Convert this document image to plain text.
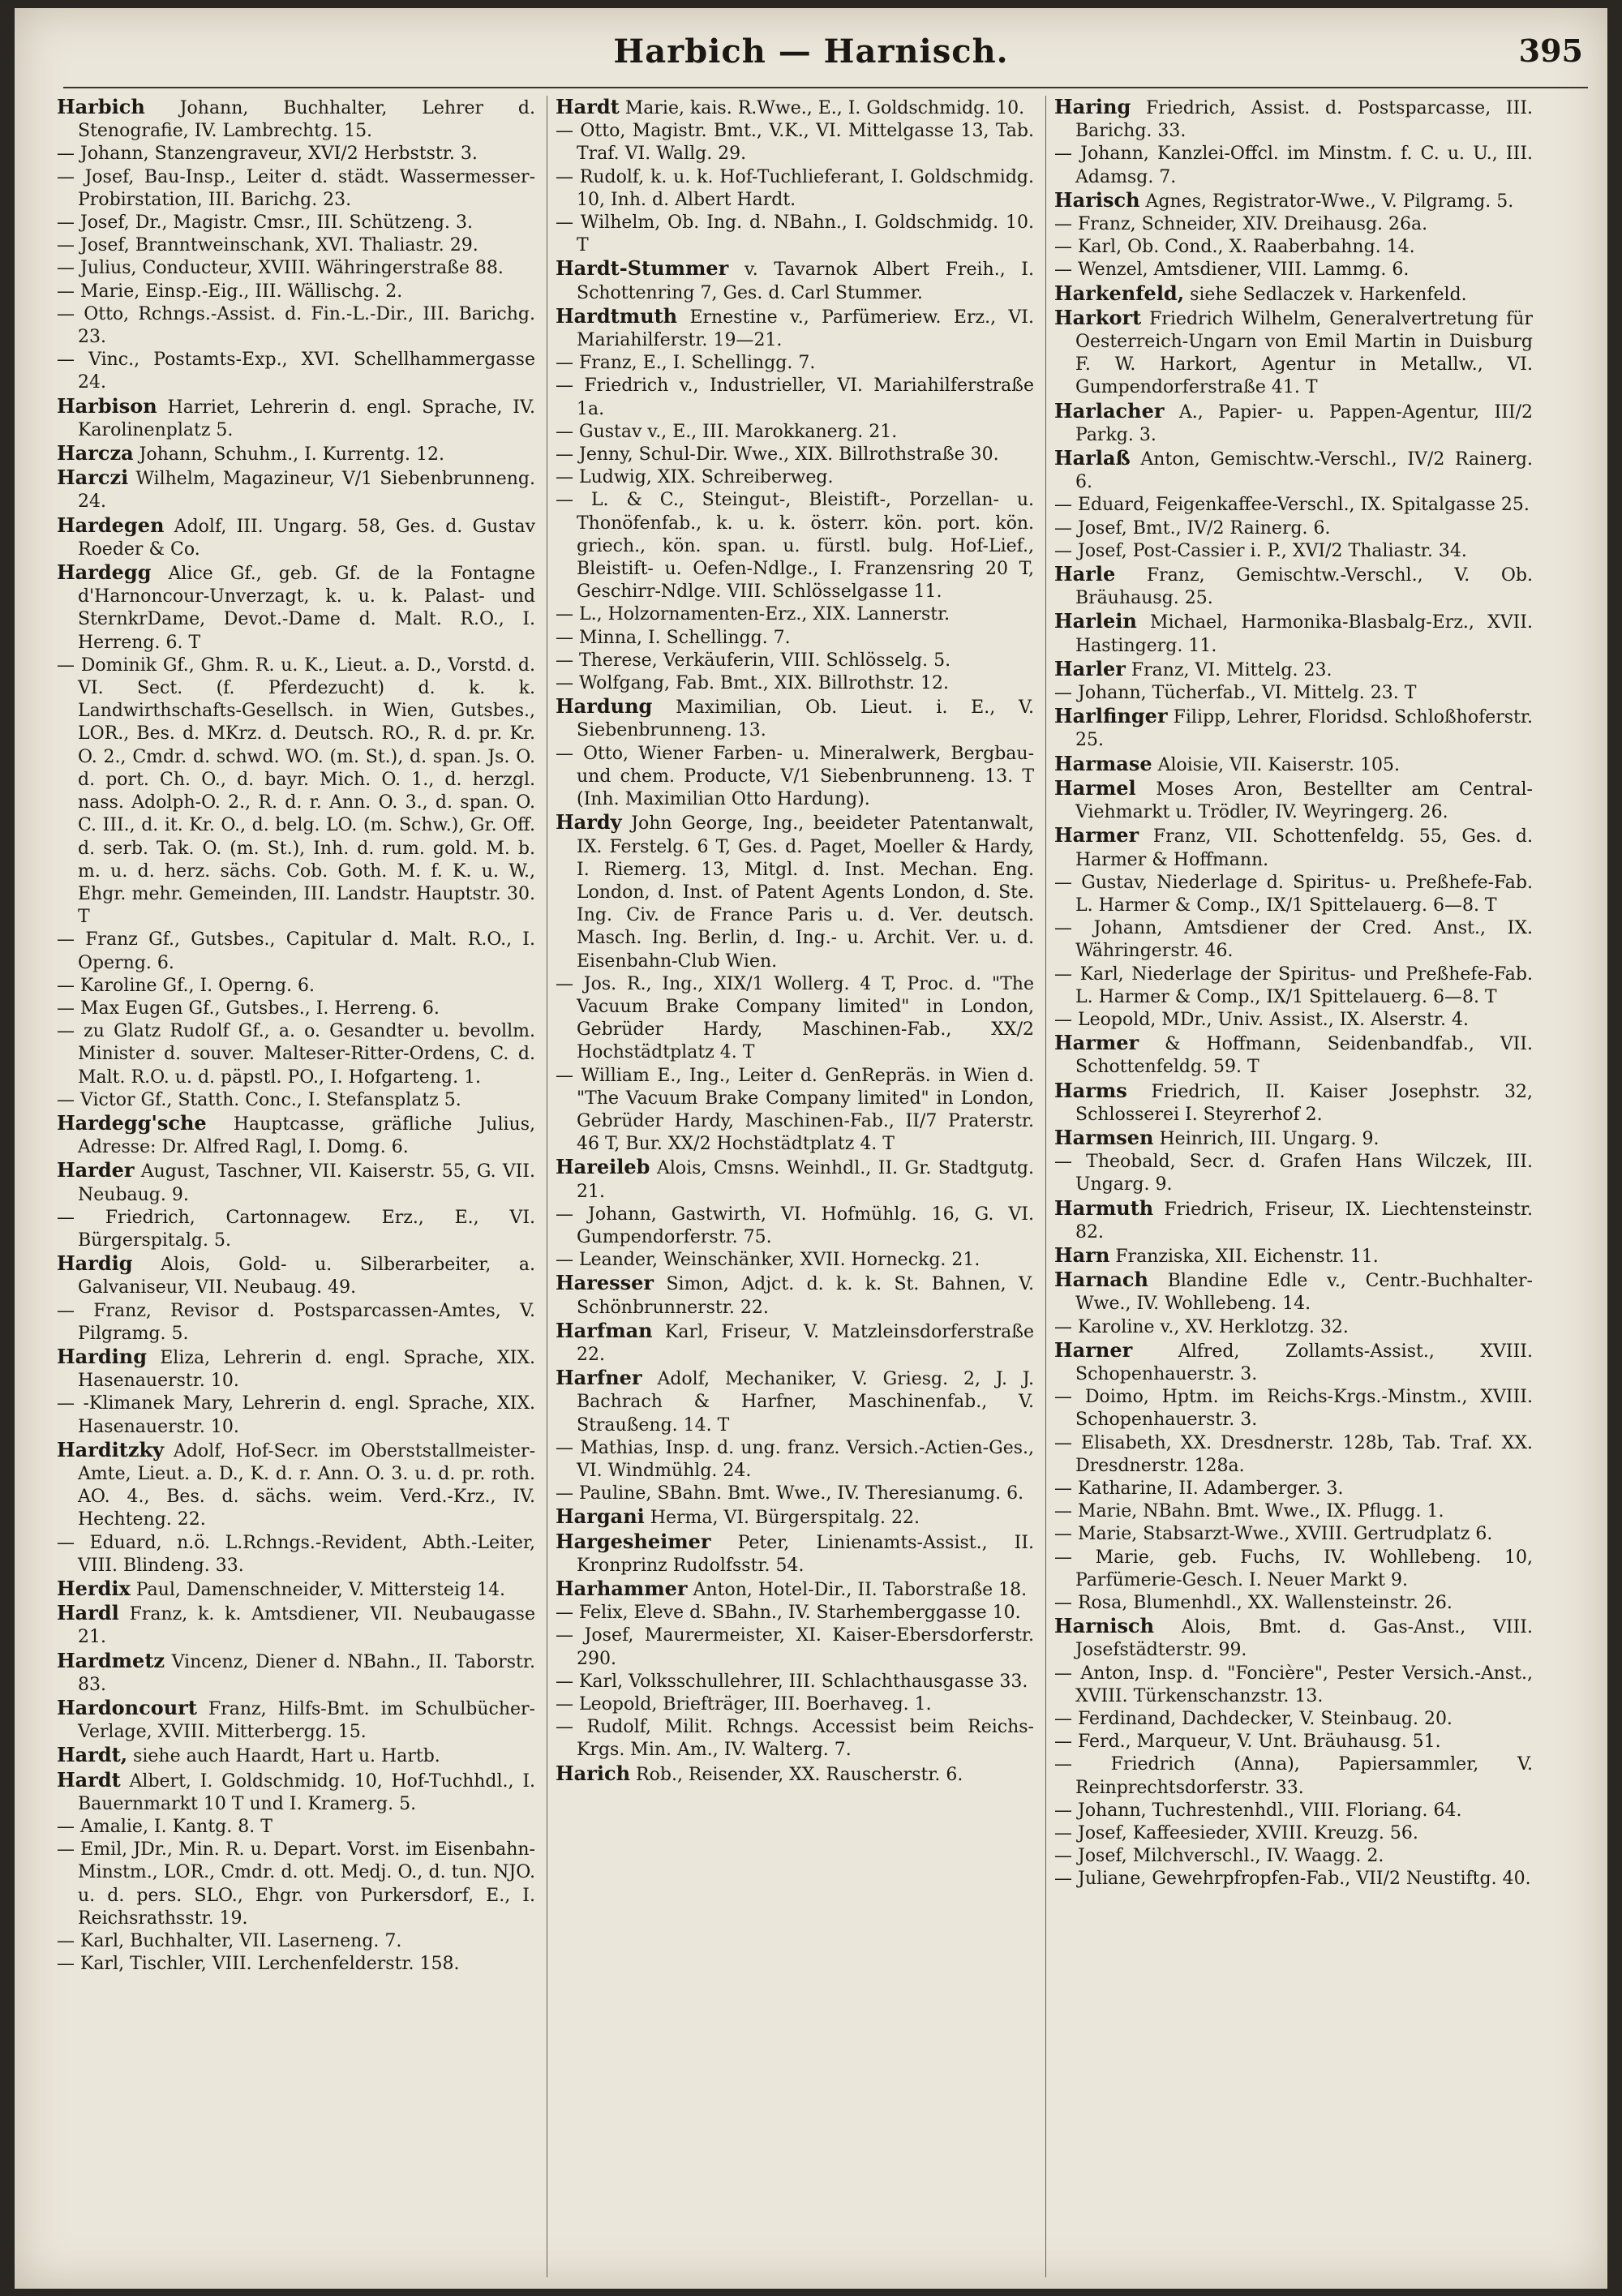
Harbich — Harnisch.	395
Harbich Johann, Buchhalter, Lehrer d. Stenografie, IV. Lambrechtg. 15.
— Johann, Stanzengraveur, XVI/2 Herbststr. 3.
— Josef, Bau-Insp., Leiter d. städt. Wassermesser-Probirstation, III. Barichg. 23.
— Josef, Dr., Magistr. Cmsr., III. Schützeng. 3.
— Josef, Branntweinschank, XVI. Thaliastr. 29.
— Julius, Conducteur, XVIII. Währingerstraße 88.
— Marie, Einsp.-Eig., III. Wällischg. 2.
— Otto, Rchngs.-Assist. d. Fin.-L.-Dir., III. Barichg. 23.
— Vinc., Postamts-Exp., XVI. Schellhammergasse 24.
Harbison Harriet, Lehrerin d. engl. Sprache, IV. Karolinenplatz 5.
Harcza Johann, Schuhm., I. Kurrentg. 12.
Harczi Wilhelm, Magazineur, V/1 Siebenbrunneng. 24.
Hardegen Adolf, III. Ungarg. 58, Ges. d. Gustav Roeder & Co.
Hardegg Alice Gf., geb. Gf. de la Fontagne d'Harnoncour-Unverzagt, k. u. k. Palast- und SternkrDame, Devot.-Dame d. Malt. R.O., I. Herreng. 6. T
— Dominik Gf., Ghm. R. u. K., Lieut. a. D., Vorstd. d. VI. Sect. (f. Pferdezucht) d. k. k. Landwirthschafts-Gesellsch. in Wien, Gutsbes., LOR., Bes. d. MKrz. d. Deutsch. RO., R. d. pr. Kr. O. 2., Cmdr. d. schwd. WO. (m. St.), d. span. Js. O. d. port. Ch. O., d. bayr. Mich. O. 1., d. herzgl. nass. Adolph-O. 2., R. d. r. Ann. O. 3., d. span. O. C. III., d. it. Kr. O., d. belg. LO. (m. Schw.), Gr. Off. d. serb. Tak. O. (m. St.), Inh. d. rum. gold. M. b. m. u. d. herz. sächs. Cob. Goth. M. f. K. u. W., Ehgr. mehr. Gemeinden, III. Landstr. Hauptstr. 30. T
— Franz Gf., Gutsbes., Capitular d. Malt. R.O., I. Operng. 6.
— Karoline Gf., I. Operng. 6.
— Max Eugen Gf., Gutsbes., I. Herreng. 6.
— zu Glatz Rudolf Gf., a. o. Gesandter u. bevollm. Minister d. souver. Malteser-Ritter-Ordens, C. d. Malt. R.O. u. d. päpstl. PO., I. Hofgarteng. 1.
— Victor Gf., Statth. Conc., I. Stefansplatz 5.
Hardegg'sche Hauptcasse, gräfliche Julius, Adresse: Dr. Alfred Ragl, I. Domg. 6.
Harder August, Taschner, VII. Kaiserstr. 55, G. VII. Neubaug. 9.
— Friedrich, Cartonnagew. Erz., E., VI. Bürgerspitalg. 5.
Hardig Alois, Gold- u. Silberarbeiter, a. Galvaniseur, VII. Neubaug. 49.
— Franz, Revisor d. Postsparcassen-Amtes, V. Pilgramg. 5.
Harding Eliza, Lehrerin d. engl. Sprache, XIX. Hasenauerstr. 10.
— -Klimanek Mary, Lehrerin d. engl. Sprache, XIX. Hasenauerstr. 10.
Harditzky Adolf, Hof-Secr. im Oberststallmeister-Amte, Lieut. a. D., K. d. r. Ann. O. 3. u. d. pr. roth. AO. 4., Bes. d. sächs. weim. Verd.-Krz., IV. Hechteng. 22.
— Eduard, n.ö. L.Rchngs.-Revident, Abth.-Leiter, VIII. Blindeng. 33.
Herdix Paul, Damenschneider, V. Mittersteig 14.
Hardl Franz, k. k. Amtsdiener, VII. Neubaugasse 21.
Hardmetz Vincenz, Diener d. NBahn., II. Taborstr. 83.
Hardoncourt Franz, Hilfs-Bmt. im Schulbücher-Verlage, XVIII. Mitterbergg. 15.
Hardt, siehe auch Haardt, Hart u. Hartb.
Hardt Albert, I. Goldschmidg. 10, Hof-Tuchhdl., I. Bauernmarkt 10 T und I. Kramerg. 5.
— Amalie, I. Kantg. 8. T
— Emil, JDr., Min. R. u. Depart. Vorst. im Eisenbahn-Minstm., LOR., Cmdr. d. ott. Medj. O., d. tun. NJO. u. d. pers. SLO., Ehgr. von Purkersdorf, E., I. Reichsrathsstr. 19.
— Karl, Buchhalter, VII. Laserneng. 7.
— Karl, Tischler, VIII. Lerchenfelderstr. 158.
Hardt Marie, kais. R.Wwe., E., I. Goldschmidg. 10.
— Otto, Magistr. Bmt., V.K., VI. Mittelgasse 13, Tab. Traf. VI. Wallg. 29.
— Rudolf, k. u. k. Hof-Tuchlieferant, I. Goldschmidg. 10, Inh. d. Albert Hardt.
— Wilhelm, Ob. Ing. d. NBahn., I. Goldschmidg. 10. T
Hardt-Stummer v. Tavarnok Albert Freih., I. Schottenring 7, Ges. d. Carl Stummer.
Hardtmuth Ernestine v., Parfümeriew. Erz., VI. Mariahilferstr. 19—21.
— Franz, E., I. Schellingg. 7.
— Friedrich v., Industrieller, VI. Mariahilferstraße 1a.
— Gustav v., E., III. Marokkanerg. 21.
— Jenny, Schul-Dir. Wwe., XIX. Billrothstraße 30.
— Ludwig, XIX. Schreiberweg.
— L. & C., Steingut-, Bleistift-, Porzellan- u. Thonöfenfab., k. u. k. österr. kön. port. kön. griech., kön. span. u. fürstl. bulg. Hof-Lief., Bleistift- u. Oefen-Ndlge., I. Franzensring 20 T, Geschirr-Ndlge. VIII. Schlösselgasse 11.
— L., Holzornamenten-Erz., XIX. Lannerstr.
— Minna, I. Schellingg. 7.
— Therese, Verkäuferin, VIII. Schlösselg. 5.
— Wolfgang, Fab. Bmt., XIX. Billrothstr. 12.
Hardung Maximilian, Ob. Lieut. i. E., V. Siebenbrunneng. 13.
— Otto, Wiener Farben- u. Mineralwerk, Bergbau- und chem. Producte, V/1 Siebenbrunneng. 13. T (Inh. Maximilian Otto Hardung).
Hardy John George, Ing., beeideter Patentanwalt, IX. Ferstelg. 6 T, Ges. d. Paget, Moeller & Hardy, I. Riemerg. 13, Mitgl. d. Inst. Mechan. Eng. London, d. Inst. of Patent Agents London, d. Ste. Ing. Civ. de France Paris u. d. Ver. deutsch. Masch. Ing. Berlin, d. Ing.- u. Archit. Ver. u. d. Eisenbahn-Club Wien.
— Jos. R., Ing., XIX/1 Wollerg. 4 T, Proc. d. "The Vacuum Brake Company limited" in London, Gebrüder Hardy, Maschinen-Fab., XX/2 Hochstädtplatz 4. T
— William E., Ing., Leiter d. GenRepräs. in Wien d. "The Vacuum Brake Company limited" in London, Gebrüder Hardy, Maschinen-Fab., II/7 Praterstr. 46 T, Bur. XX/2 Hochstädtplatz 4. T
Hareileb Alois, Cmsns. Weinhdl., II. Gr. Stadtgutg. 21.
— Johann, Gastwirth, VI. Hofmühlg. 16, G. VI. Gumpendorferstr. 75.
— Leander, Weinschänker, XVII. Horneckg. 21.
Haresser Simon, Adjct. d. k. k. St. Bahnen, V. Schönbrunnerstr. 22.
Harfman Karl, Friseur, V. Matzleinsdorferstraße 22.
Harfner Adolf, Mechaniker, V. Griesg. 2, J. J. Bachrach & Harfner, Maschinenfab., V. Straußeng. 14. T
— Mathias, Insp. d. ung. franz. Versich.-Actien-Ges., VI. Windmühlg. 24.
— Pauline, SBahn. Bmt. Wwe., IV. Theresianumg. 6.
Hargani Herma, VI. Bürgerspitalg. 22.
Hargesheimer Peter, Linienamts-Assist., II. Kronprinz Rudolfsstr. 54.
Harhammer Anton, Hotel-Dir., II. Taborstraße 18.
— Felix, Eleve d. SBahn., IV. Starhemberggasse 10.
— Josef, Maurermeister, XI. Kaiser-Ebersdorferstr. 290.
— Karl, Volksschullehrer, III. Schlachthausgasse 33.
— Leopold, Briefträger, III. Boerhaveg. 1.
— Rudolf, Milit. Rchngs. Accessist beim Reichs-Krgs. Min. Am., IV. Walterg. 7.
Harich Rob., Reisender, XX. Rauscherstr. 6.
Haring Friedrich, Assist. d. Postsparcasse, III. Barichg. 33.
— Johann, Kanzlei-Offcl. im Minstm. f. C. u. U., III. Adamsg. 7.
Harisch Agnes, Registrator-Wwe., V. Pilgramg. 5.
— Franz, Schneider, XIV. Dreihausg. 26a.
— Karl, Ob. Cond., X. Raaberbahng. 14.
— Wenzel, Amtsdiener, VIII. Lammg. 6.
Harkenfeld, siehe Sedlaczek v. Harkenfeld.
Harkort Friedrich Wilhelm, Generalvertretung für Oesterreich-Ungarn von Emil Martin in Duisburg F. W. Harkort, Agentur in Metallw., VI. Gumpendorferstraße 41. T
Harlacher A., Papier- u. Pappen-Agentur, III/2 Parkg. 3.
Harlaß Anton, Gemischtw.-Verschl., IV/2 Rainerg. 6.
— Eduard, Feigenkaffee-Verschl., IX. Spitalgasse 25.
— Josef, Bmt., IV/2 Rainerg. 6.
— Josef, Post-Cassier i. P., XVI/2 Thaliastr. 34.
Harle Franz, Gemischtw.-Verschl., V. Ob. Bräuhausg. 25.
Harlein Michael, Harmonika-Blasbalg-Erz., XVII. Hastingerg. 11.
Harler Franz, VI. Mittelg. 23.
— Johann, Tücherfab., VI. Mittelg. 23. T
Harlfinger Filipp, Lehrer, Floridsd. Schloßhoferstr. 25.
Harmase Aloisie, VII. Kaiserstr. 105.
Harmel Moses Aron, Bestellter am Central-Viehmarkt u. Trödler, IV. Weyringerg. 26.
Harmer Franz, VII. Schottenfeldg. 55, Ges. d. Harmer & Hoffmann.
— Gustav, Niederlage d. Spiritus- u. Preßhefe-Fab. L. Harmer & Comp., IX/1 Spittelauerg. 6—8. T
— Johann, Amtsdiener der Cred. Anst., IX. Währingerstr. 46.
— Karl, Niederlage der Spiritus- und Preßhefe-Fab. L. Harmer & Comp., IX/1 Spittelauerg. 6—8. T
— Leopold, MDr., Univ. Assist., IX. Alserstr. 4.
Harmer & Hoffmann, Seidenbandfab., VII. Schottenfeldg. 59. T
Harms Friedrich, II. Kaiser Josephstr. 32, Schlosserei I. Steyrerhof 2.
Harmsen Heinrich, III. Ungarg. 9.
— Theobald, Secr. d. Grafen Hans Wilczek, III. Ungarg. 9.
Harmuth Friedrich, Friseur, IX. Liechtensteinstr. 82.
Harn Franziska, XII. Eichenstr. 11.
Harnach Blandine Edle v., Centr.-Buchhalter-Wwe., IV. Wohllebeng. 14.
— Karoline v., XV. Herklotzg. 32.
Harner Alfred, Zollamts-Assist., XVIII. Schopenhauerstr. 3.
— Doimo, Hptm. im Reichs-Krgs.-Minstm., XVIII. Schopenhauerstr. 3.
— Elisabeth, XX. Dresdnerstr. 128b, Tab. Traf. XX. Dresdnerstr. 128a.
— Katharine, II. Adamberger. 3.
— Marie, NBahn. Bmt. Wwe., IX. Pflugg. 1.
— Marie, Stabsarzt-Wwe., XVIII. Gertrudplatz 6.
— Marie, geb. Fuchs, IV. Wohllebeng. 10, Parfümerie-Gesch. I. Neuer Markt 9.
— Rosa, Blumenhdl., XX. Wallensteinstr. 26.
Harnisch Alois, Bmt. d. Gas-Anst., VIII. Josefstädterstr. 99.
— Anton, Insp. d. "Foncière", Pester Versich.-Anst., XVIII. Türkenschanzstr. 13.
— Ferdinand, Dachdecker, V. Steinbaug. 20.
— Ferd., Marqueur, V. Unt. Bräuhausg. 51.
— Friedrich (Anna), Papiersammler, V. Reinprechtsdorferstr. 33.
— Johann, Tuchrestenhdl., VIII. Floriang. 64.
— Josef, Kaffeesieder, XVIII. Kreuzg. 56.
— Josef, Milchverschl., IV. Waagg. 2.
— Juliane, Gewehrpfropfen-Fab., VII/2 Neustiftg. 40.
